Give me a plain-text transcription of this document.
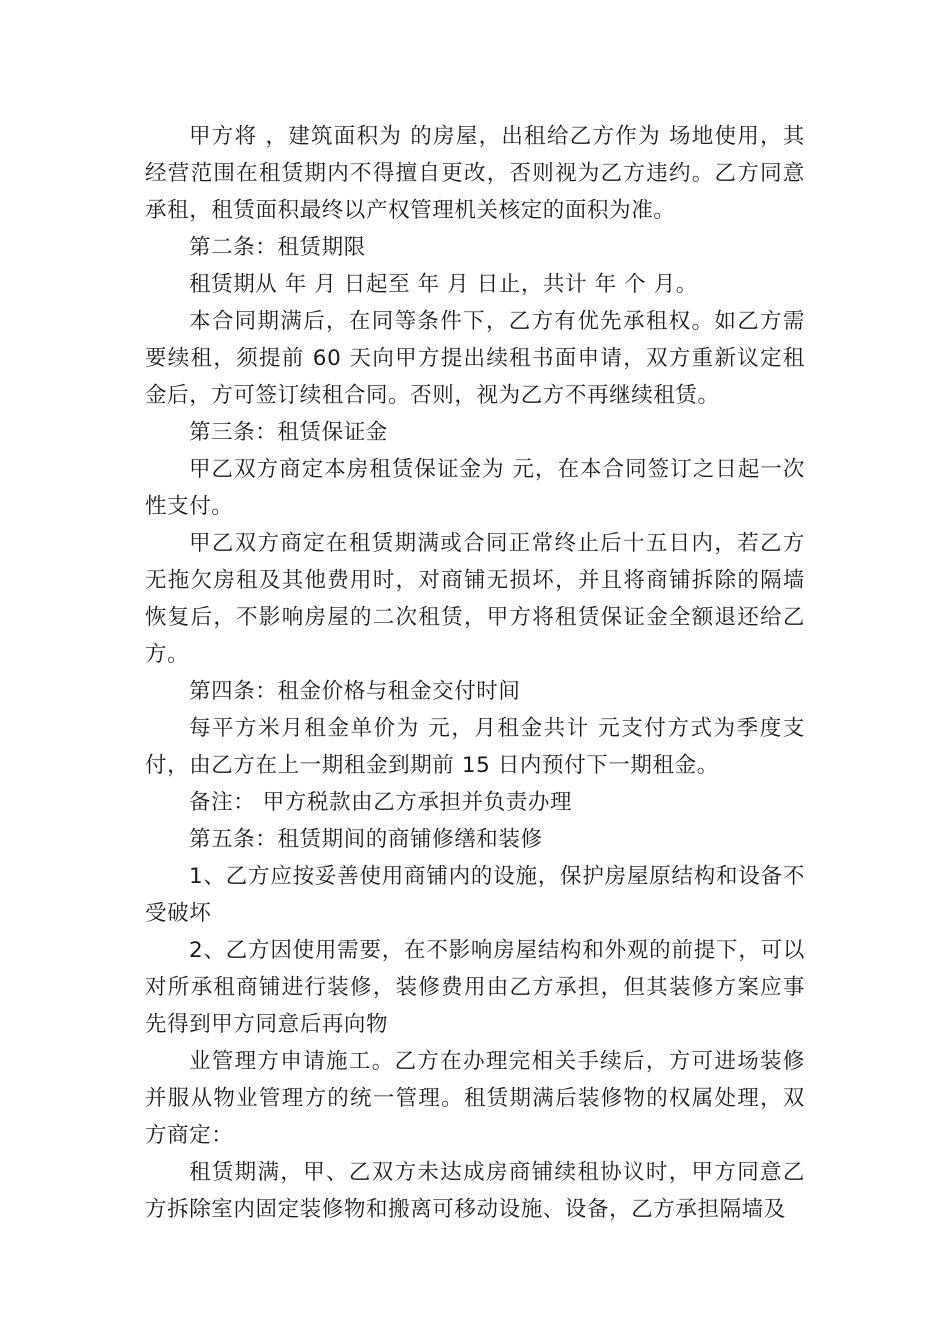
甲方将 ，建筑面积为 的房屋，出租给乙方作为 场地使用，其经营范围在租赁期内不得擅自更改，否则视为乙方违约。乙方同意承租，租赁面积最终以产权管理机关核定的面积为准。

第二条：租赁期限

租赁期从 年 月 日起至 年 月 日止，共计 年 个 月。

本合同期满后，在同等条件下，乙方有优先承租权。如乙方需要续租，须提前 60 天向甲方提出续租书面申请，双方重新议定租金后，方可签订续租合同。否则，视为乙方不再继续租赁。

第三条：租赁保证金

甲乙双方商定本房租赁保证金为 元，在本合同签订之日起一次性支付。

甲乙双方商定在租赁期满或合同正常终止后十五日内，若乙方无拖欠房租及其他费用时，对商铺无损坏，并且将商铺拆除的隔墙恢复后，不影响房屋的二次租赁，甲方将租赁保证金全额退还给乙方。

第四条：租金价格与租金交付时间

每平方米月租金单价为 元，月租金共计 元支付方式为季度支付，由乙方在上一期租金到期前 15 日内预付下一期租金。

备注： 甲方税款由乙方承担并负责办理

第五条：租赁期间的商铺修缮和装修

1、乙方应按妥善使用商铺内的设施，保护房屋原结构和设备不受破坏

2、乙方因使用需要，在不影响房屋结构和外观的前提下，可以对所承租商铺进行装修，装修费用由乙方承担，但其装修方案应事先得到甲方同意后再向物

业管理方申请施工。乙方在办理完相关手续后，方可进场装修并服从物业管理方的统一管理。租赁期满后装修物的权属处理，双方商定：

租赁期满，甲、乙双方未达成房商铺续租协议时，甲方同意乙方拆除室内固定装修物和搬离可移动设施、设备，乙方承担隔墙及
